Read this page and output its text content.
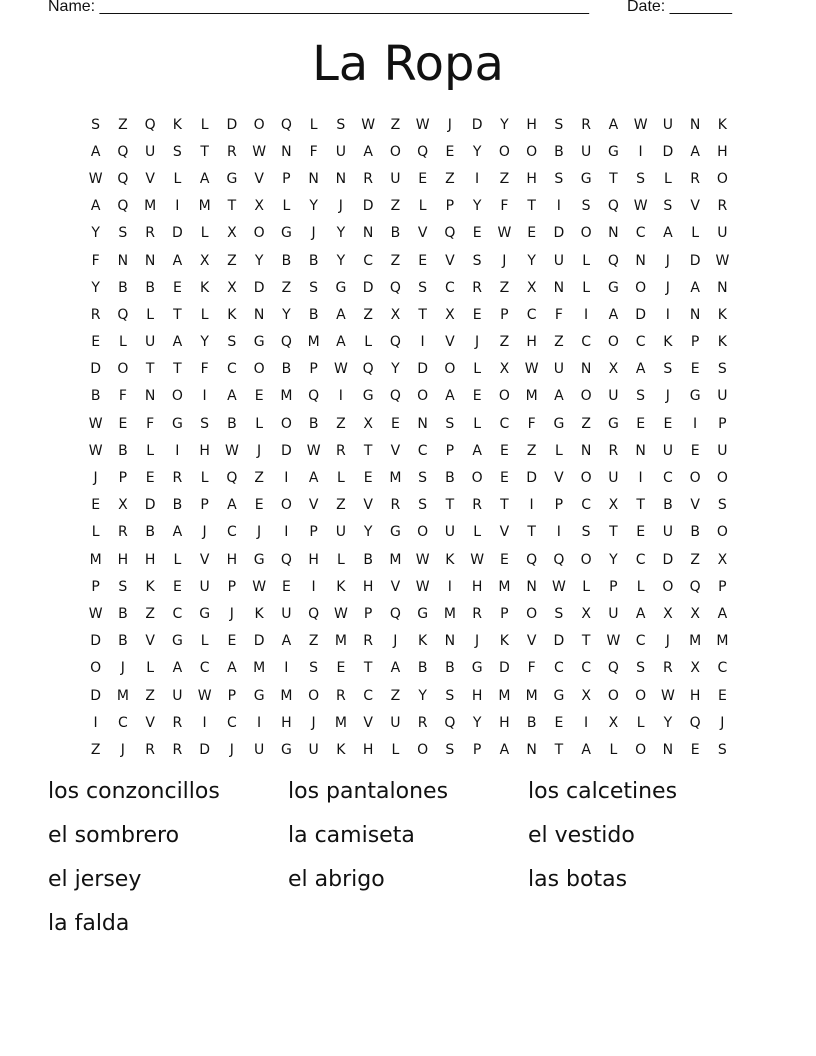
Name: _______________________________________________________ Date: _______
La Ropa
S	Z	Q	K	L	D	O	Q	L	S	W	Z	W	J	D	Y	H	S	R	A	W	U	N	K
A	Q	U	S	T	R	W	N	F	U	A	O	Q	E	Y	O	O	B	U	G	I	D	A	H
W	Q	V	L	A	G	V	P	N	N	R	U	E	Z	I	Z	H	S	G	T	S	L	R	O
A	Q	M	I	M	T	X	L	Y	J	D	Z	L	P	Y	F	T	I	S	Q	W	S	V	R
Y	S	R	D	L	X	O	G	J	Y	N	B	V	Q	E	W	E	D	O	N	C	A	L	U
F	N	N	A	X	Z	Y	B	B	Y	C	Z	E	V	S	J	Y	U	L	Q	N	J	D	W
Y	B	B	E	K	X	D	Z	S	G	D	Q	S	C	R	Z	X	N	L	G	O	J	A	N
R	Q	L	T	L	K	N	Y	B	A	Z	X	T	X	E	P	C	F	I	A	D	I	N	K
E	L	U	A	Y	S	G	Q	M	A	L	Q	I	V	J	Z	H	Z	C	O	C	K	P	K
D	O	T	T	F	C	O	B	P	W	Q	Y	D	O	L	X	W	U	N	X	A	S	E	S
B	F	N	O	I	A	E	M	Q	I	G	Q	O	A	E	O	M	A	O	U	S	J	G	U
W	E	F	G	S	B	L	O	B	Z	X	E	N	S	L	C	F	G	Z	G	E	E	I	P
W	B	L	I	H	W	J	D	W	R	T	V	C	P	A	E	Z	L	N	R	N	U	E	U
J	P	E	R	L	Q	Z	I	A	L	E	M	S	B	O	E	D	V	O	U	I	C	O	O
E	X	D	B	P	A	E	O	V	Z	V	R	S	T	R	T	I	P	C	X	T	B	V	S
L	R	B	A	J	C	J	I	P	U	Y	G	O	U	L	V	T	I	S	T	E	U	B	O
M	H	H	L	V	H	G	Q	H	L	B	M	W	K	W	E	Q	Q	O	Y	C	D	Z	X
P	S	K	E	U	P	W	E	I	K	H	V	W	I	H	M	N	W	L	P	L	O	Q	P
W	B	Z	C	G	J	K	U	Q	W	P	Q	G	M	R	P	O	S	X	U	A	X	X	A
D	B	V	G	L	E	D	A	Z	M	R	J	K	N	J	K	V	D	T	W	C	J	M	M
O	J	L	A	C	A	M	I	S	E	T	A	B	B	G	D	F	C	C	Q	S	R	X	C
D	M	Z	U	W	P	G	M	O	R	C	Z	Y	S	H	M	M	G	X	O	O	W	H	E
I	C	V	R	I	C	I	H	J	M	V	U	R	Q	Y	H	B	E	I	X	L	Y	Q	J
Z	J	R	R	D	J	U	G	U	K	H	L	O	S	P	A	N	T	A	L	O	N	E	S
los conzoncillos	los pantalones	los calcetines
el sombrero	la camiseta	el vestido
el jersey	el abrigo	las botas
la falda
